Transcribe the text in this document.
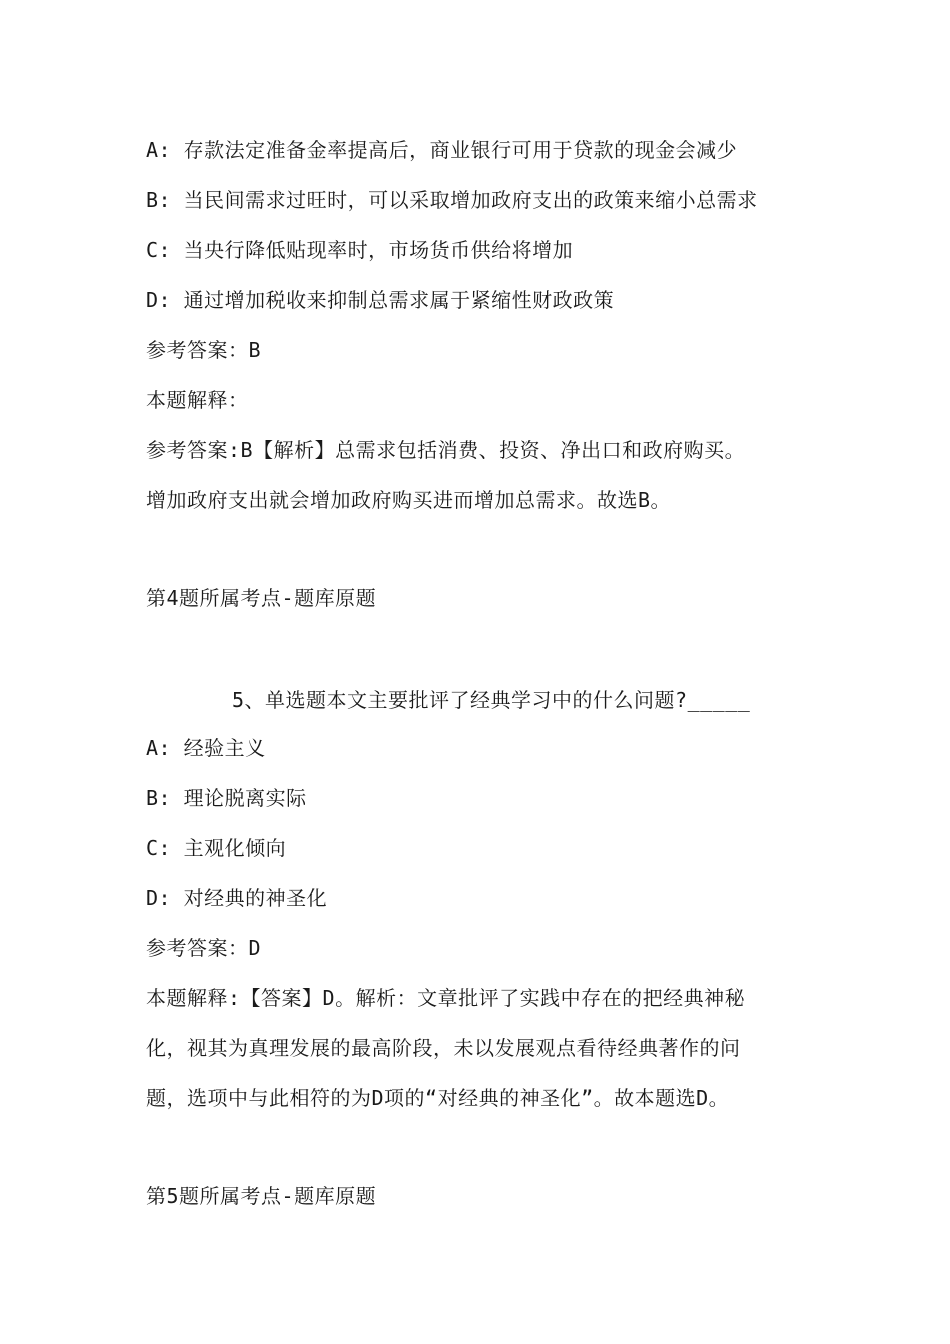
A: 存款法定准备金率提高后，商业银行可用于贷款的现金会减少
B: 当民间需求过旺时，可以采取增加政府支出的政策来缩小总需求
C: 当央行降低贴现率时，市场货币供给将增加
D: 通过增加税收来抑制总需求属于紧缩性财政政策
参考答案：B
本题解释：
参考答案:B【解析】总需求包括消费、投资、净出口和政府购买。
增加政府支出就会增加政府购买进而增加总需求。故选B。
第4题所属考点-题库原题
5、单选题本文主要批评了经典学习中的什么问题?_____
A: 经验主义
B: 理论脱离实际
C: 主观化倾向
D: 对经典的神圣化
参考答案：D
本题解释:【答案】D。解析：文章批评了实践中存在的把经典神秘
化，视其为真理发展的最高阶段，未以发展观点看待经典著作的问
题，选项中与此相符的为D项的“对经典的神圣化”。故本题选D。
第5题所属考点-题库原题
